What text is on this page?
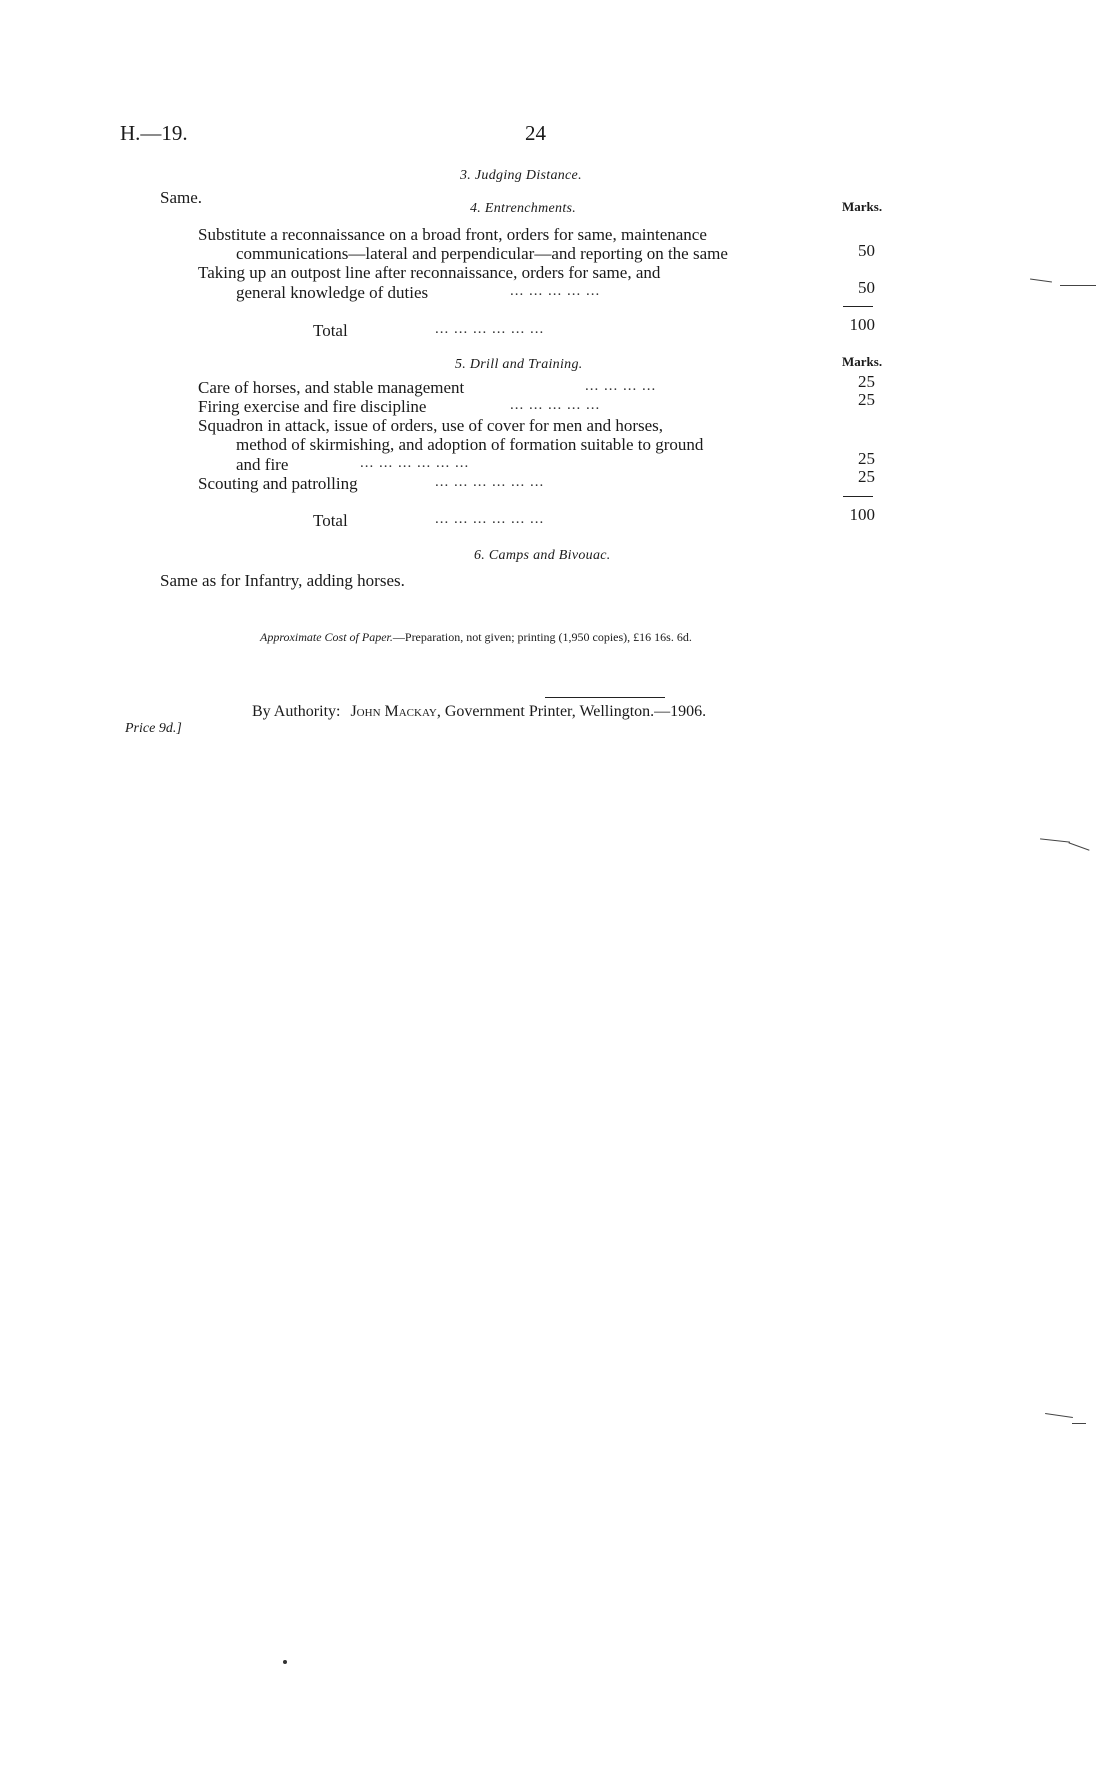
H.—19.	24
3. Judging Distance.
Same.
4. Entrenchments.	Marks.
Substitute a reconnaissance on a broad front, orders for same, maintenance
communications—lateral and perpendicular—and reporting on the same	50
Taking up an outpost line after reconnaissance, orders for same, and
general knowledge of duties	... ... ... ... ...	50
Total	... ... ... ... ... ...	100
5. Drill and Training.	Marks.
Care of horses, and stable management	... ... ... ...	25
Firing exercise and fire discipline	... ... ... ... ...	25
Squadron in attack, issue of orders, use of cover for men and horses,
method of skirmishing, and adoption of formation suitable to ground
and fire	... ... ... ... ... ...	25
Scouting and patrolling	... ... ... ... ... ...	25
Total	... ... ... ... ... ...	100
6. Camps and Bivouac.
Same as for Infantry, adding horses.
Approximate Cost of Paper.—Preparation, not given; printing (1,950 copies), £16 16s. 6d.
By Authority: John Mackay, Government Printer, Wellington.—1906.
Price 9d.]
